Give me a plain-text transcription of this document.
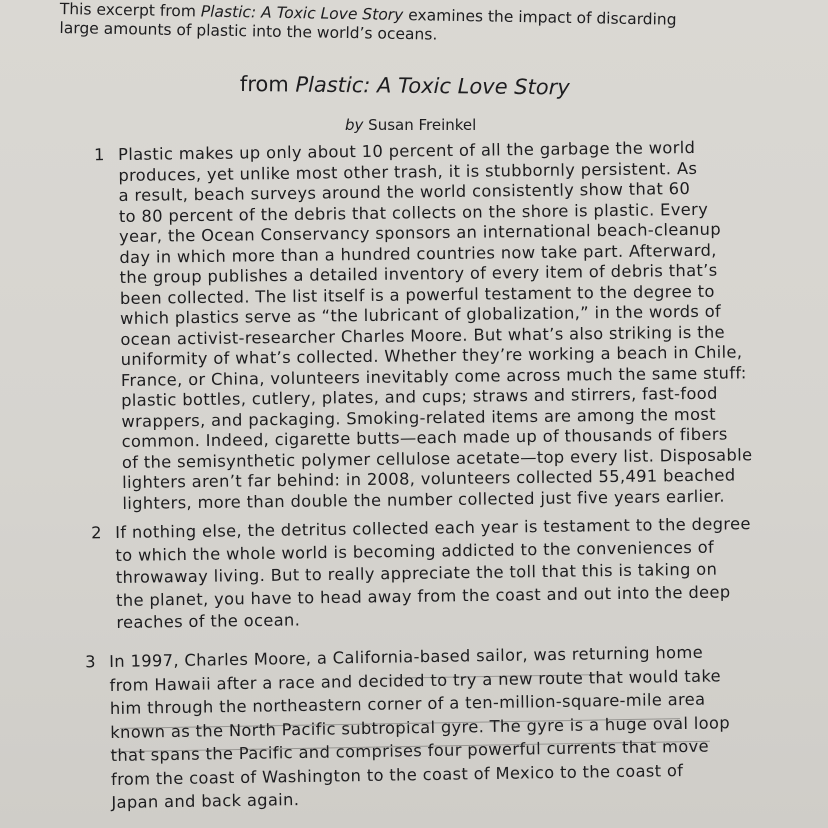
This excerpt from Plastic: A Toxic Love Story examines the impact of discarding
large amounts of plastic into the world’s oceans.
from Plastic: A Toxic Love Story
by Susan Freinkel
1 Plastic makes up only about 10 percent of all the garbage the world
produces, yet unlike most other trash, it is stubbornly persistent. As
a result, beach surveys around the world consistently show that 60
to 80 percent of the debris that collects on the shore is plastic. Every
year, the Ocean Conservancy sponsors an international beach-cleanup
day in which more than a hundred countries now take part. Afterward,
the group publishes a detailed inventory of every item of debris that’s
been collected. The list itself is a powerful testament to the degree to
which plastics serve as “the lubricant of globalization,” in the words of
ocean activist-researcher Charles Moore. But what’s also striking is the
uniformity of what’s collected. Whether they’re working a beach in Chile,
France, or China, volunteers inevitably come across much the same stuff:
plastic bottles, cutlery, plates, and cups; straws and stirrers, fast-food
wrappers, and packaging. Smoking-related items are among the most
common. Indeed, cigarette butts—each made up of thousands of fibers
of the semisynthetic polymer cellulose acetate—top every list. Disposable
lighters aren’t far behind: in 2008, volunteers collected 55,491 beached
lighters, more than double the number collected just five years earlier.
2 If nothing else, the detritus collected each year is testament to the degree
to which the whole world is becoming addicted to the conveniences of
throwaway living. But to really appreciate the toll that this is taking on
the planet, you have to head away from the coast and out into the deep
reaches of the ocean.
3 In 1997, Charles Moore, a California-based sailor, was returning home
from Hawaii after a race and decided to try a new route that would take
him through the northeastern corner of a ten-million-square-mile area
known as the North Pacific subtropical gyre. The gyre is a huge oval loop
that spans the Pacific and comprises four powerful currents that move
from the coast of Washington to the coast of Mexico to the coast of
Japan and back again.
